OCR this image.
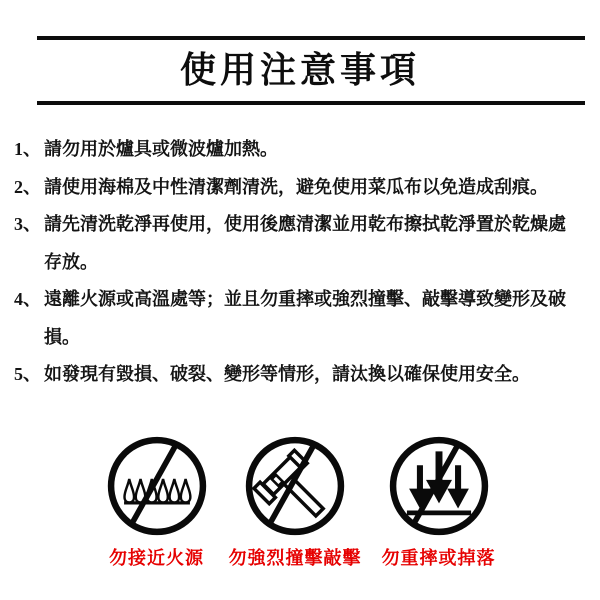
使用注意事項
1、 請勿用於爐具或微波爐加熱。
2、 請使用海棉及中性清潔劑清洗，避免使用菜瓜布以免造成刮痕。
3、 請先清洗乾淨再使用，使用後應清潔並用乾布擦拭乾淨置於乾燥處存放。
4、 遠離火源或高溫處等；並且勿重摔或強烈撞擊、敲擊導致變形及破損。
5、 如發現有毀損、破裂、變形等情形，請汰換以確保使用安全。
勿接近火源 勿強烈撞擊敲擊 勿重摔或掉落
